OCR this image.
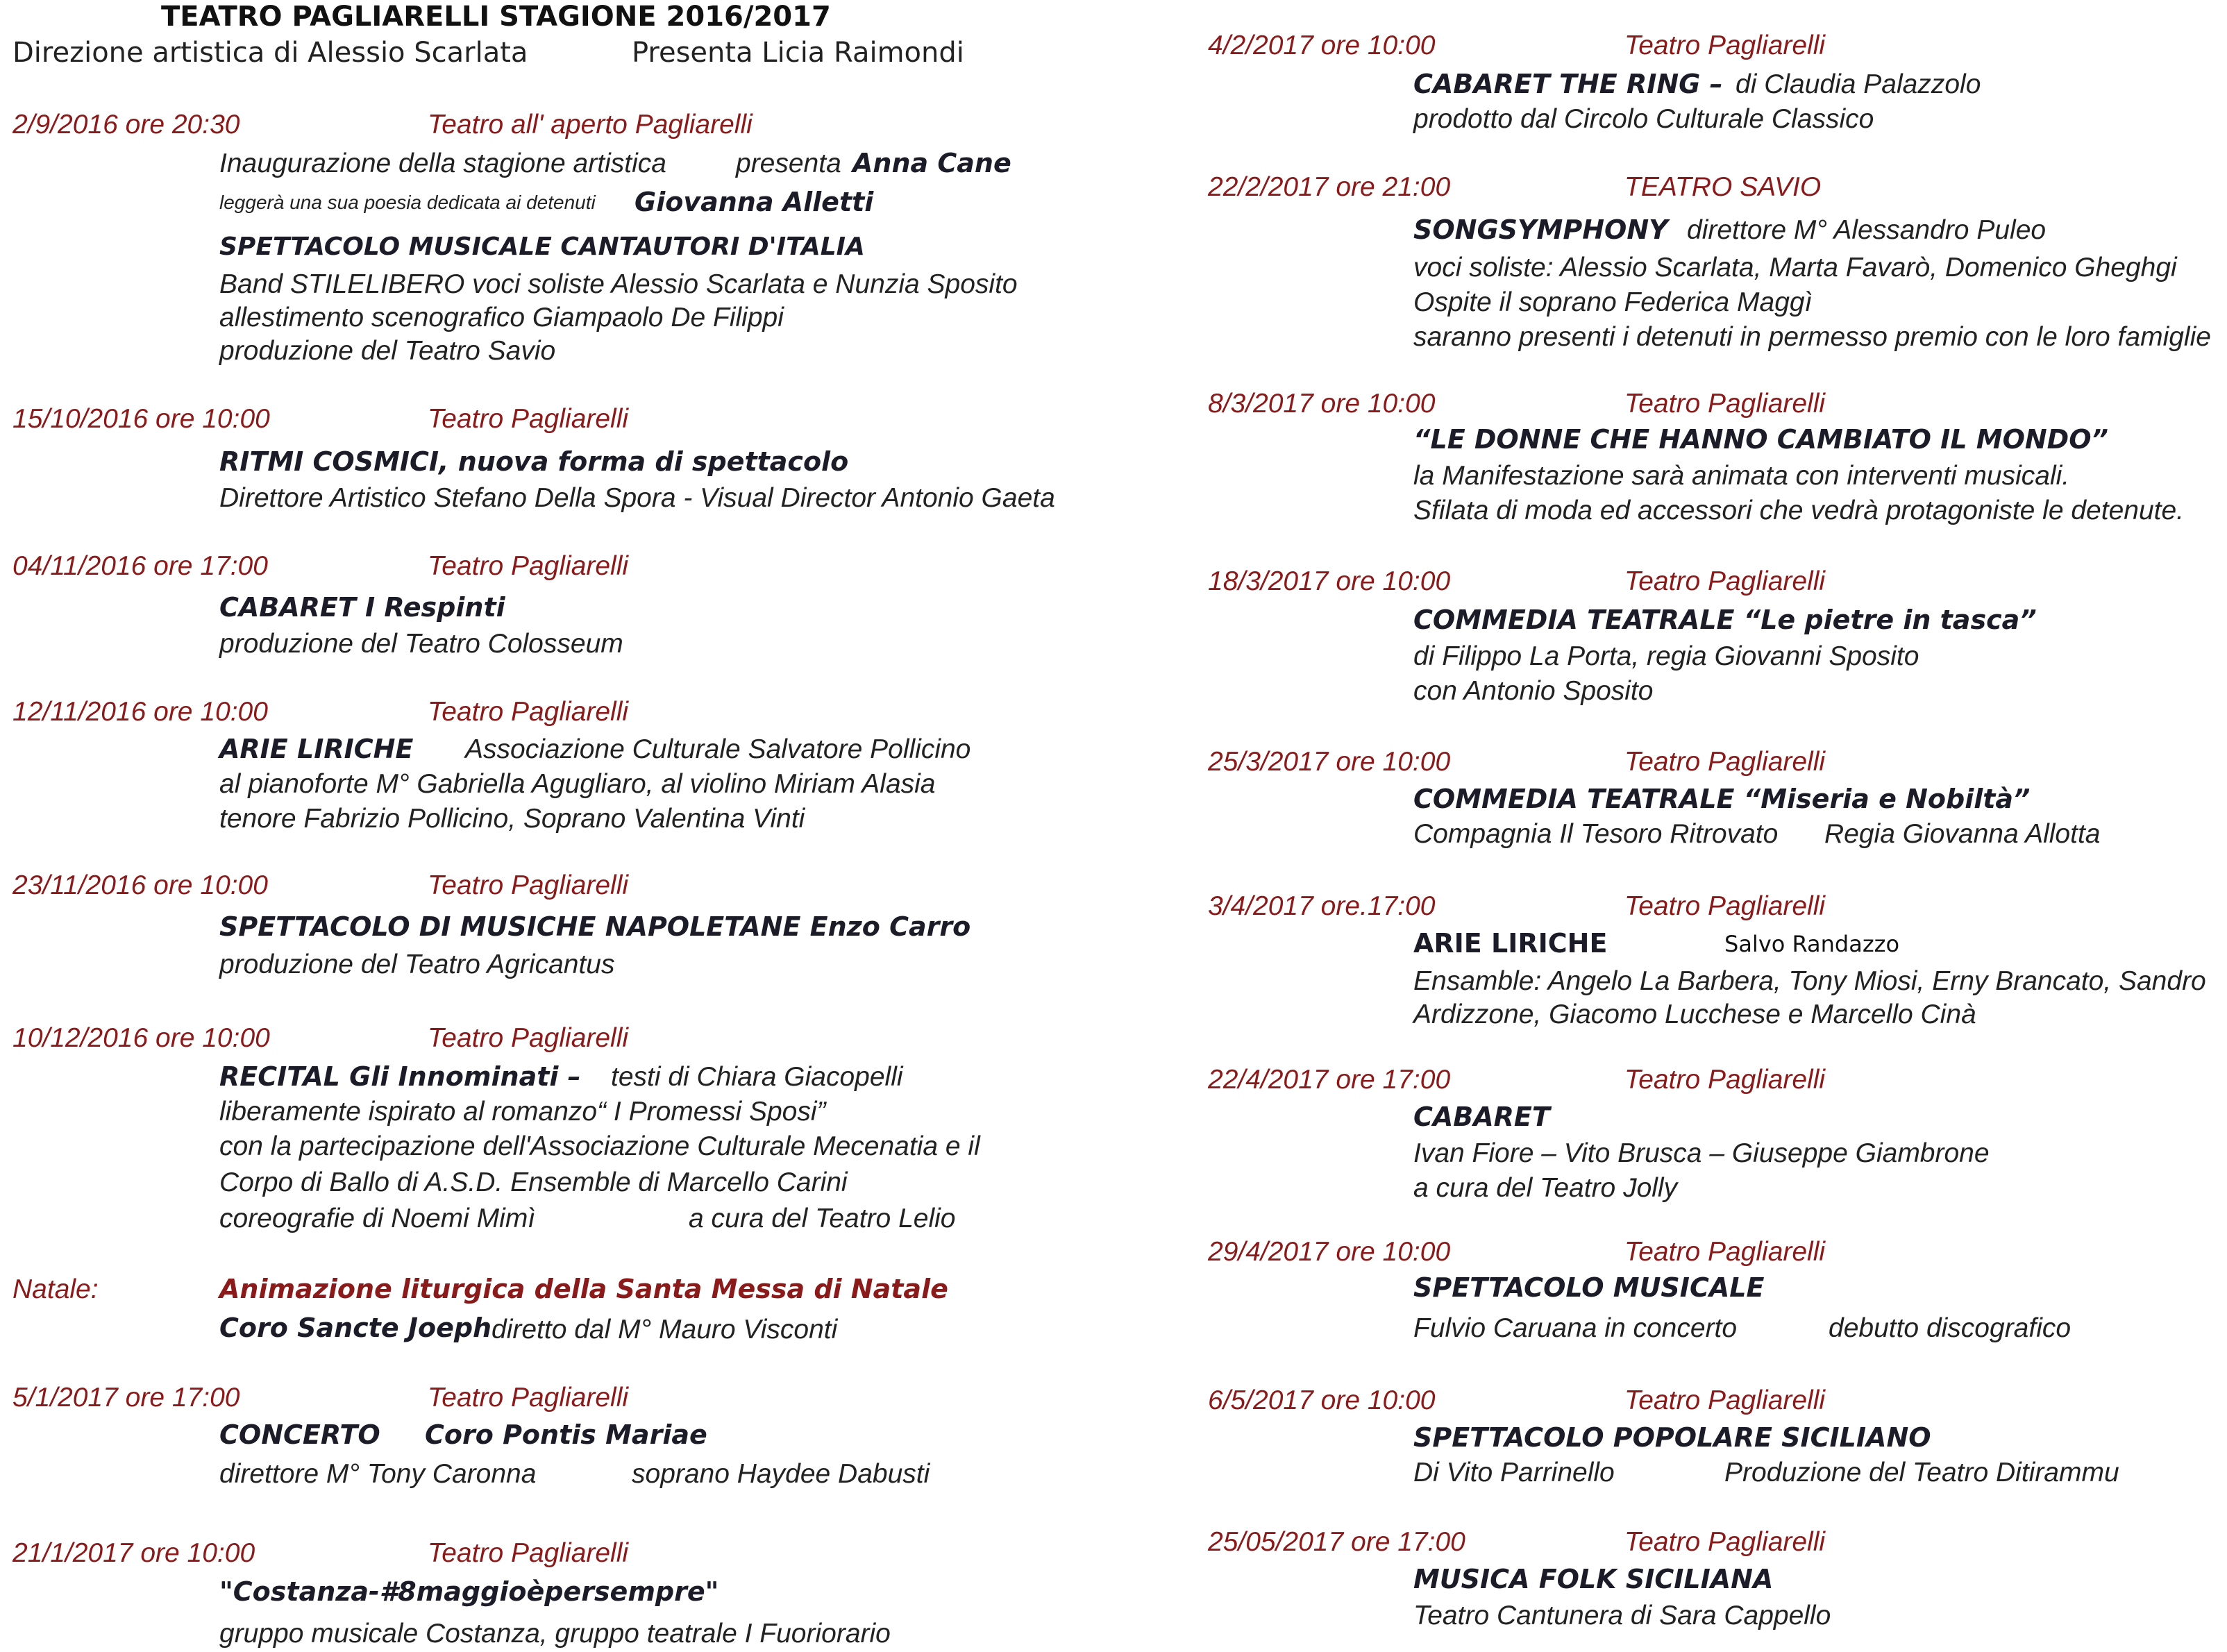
TEATRO PAGLIARELLI STAGIONE 2016/2017
Direzione artistica di Alessio Scarlata	Presenta Licia Raimondi
2/9/2016 ore 20:30	Teatro all' aperto Pagliarelli
Inaugurazione della stagione artistica	presenta Anna Cane
leggerà una sua poesia dedicata ai detenuti Giovanna Alletti
SPETTACOLO MUSICALE CANTAUTORI D'ITALIA
Band STILELIBERO voci soliste Alessio Scarlata e Nunzia Sposito
allestimento scenografico Giampaolo De Filippi
produzione del Teatro Savio
15/10/2016 ore 10:00	Teatro Pagliarelli
RITMI COSMICI, nuova forma di spettacolo
Direttore Artistico Stefano Della Spora - Visual Director Antonio Gaeta
04/11/2016 ore 17:00	Teatro Pagliarelli
CABARET I Respinti
produzione del Teatro Colosseum
12/11/2016 ore 10:00	Teatro Pagliarelli
ARIE LIRICHE Associazione Culturale Salvatore Pollicino
al pianoforte M° Gabriella Agugliaro, al violino Miriam Alasia
tenore Fabrizio Pollicino, Soprano Valentina Vinti
23/11/2016 ore 10:00	Teatro Pagliarelli
SPETTACOLO DI MUSICHE NAPOLETANE Enzo Carro
produzione del Teatro Agricantus
10/12/2016 ore 10:00	Teatro Pagliarelli
RECITAL Gli Innominati – testi di Chiara Giacopelli
liberamente ispirato al romanzo“ I Promessi Sposi”
con la partecipazione dell'Associazione Culturale Mecenatia e il
Corpo di Ballo di A.S.D. Ensemble di Marcello Carini
coreografie di Noemi Mimì	a cura del Teatro Lelio
Natale:	Animazione liturgica della Santa Messa di Natale
Coro Sancte Joeph diretto dal M° Mauro Visconti
5/1/2017 ore 17:00	Teatro Pagliarelli
CONCERTO Coro Pontis Mariae
direttore M° Tony Caronna	soprano Haydee Dabusti
21/1/2017 ore 10:00	Teatro Pagliarelli
"Costanza-#8maggioèpersempre"
gruppo musicale Costanza, gruppo teatrale I Fuoriorario
4/2/2017 ore 10:00	Teatro Pagliarelli
CABARET THE RING – di Claudia Palazzolo
prodotto dal Circolo Culturale Classico
22/2/2017 ore 21:00	TEATRO SAVIO
SONGSYMPHONY direttore M° Alessandro Puleo
voci soliste: Alessio Scarlata, Marta Favarò, Domenico Gheghgi
Ospite il soprano Federica Maggì
saranno presenti i detenuti in permesso premio con le loro famiglie
8/3/2017 ore 10:00	Teatro Pagliarelli
“LE DONNE CHE HANNO CAMBIATO IL MONDO”
la Manifestazione sarà animata con interventi musicali.
Sfilata di moda ed accessori che vedrà protagoniste le detenute.
18/3/2017 ore 10:00	Teatro Pagliarelli
COMMEDIA TEATRALE “Le pietre in tasca”
di Filippo La Porta, regia Giovanni Sposito
con Antonio Sposito
25/3/2017 ore 10:00	Teatro Pagliarelli
COMMEDIA TEATRALE “Miseria e Nobiltà”
Compagnia Il Tesoro Ritrovato Regia Giovanna Allotta
3/4/2017 ore.17:00	Teatro Pagliarelli
ARIE LIRICHE	Salvo Randazzo
Ensamble: Angelo La Barbera, Tony Miosi, Erny Brancato, Sandro
Ardizzone, Giacomo Lucchese e Marcello Cinà
22/4/2017 ore 17:00	Teatro Pagliarelli
CABARET
Ivan Fiore – Vito Brusca – Giuseppe Giambrone
a cura del Teatro Jolly
29/4/2017 ore 10:00	Teatro Pagliarelli
SPETTACOLO MUSICALE
Fulvio Caruana in concerto	debutto discografico
6/5/2017 ore 10:00	Teatro Pagliarelli
SPETTACOLO POPOLARE SICILIANO
Di Vito Parrinello	Produzione del Teatro Ditirammu
25/05/2017 ore 17:00	Teatro Pagliarelli
MUSICA FOLK SICILIANA
Teatro Cantunera di Sara Cappello
